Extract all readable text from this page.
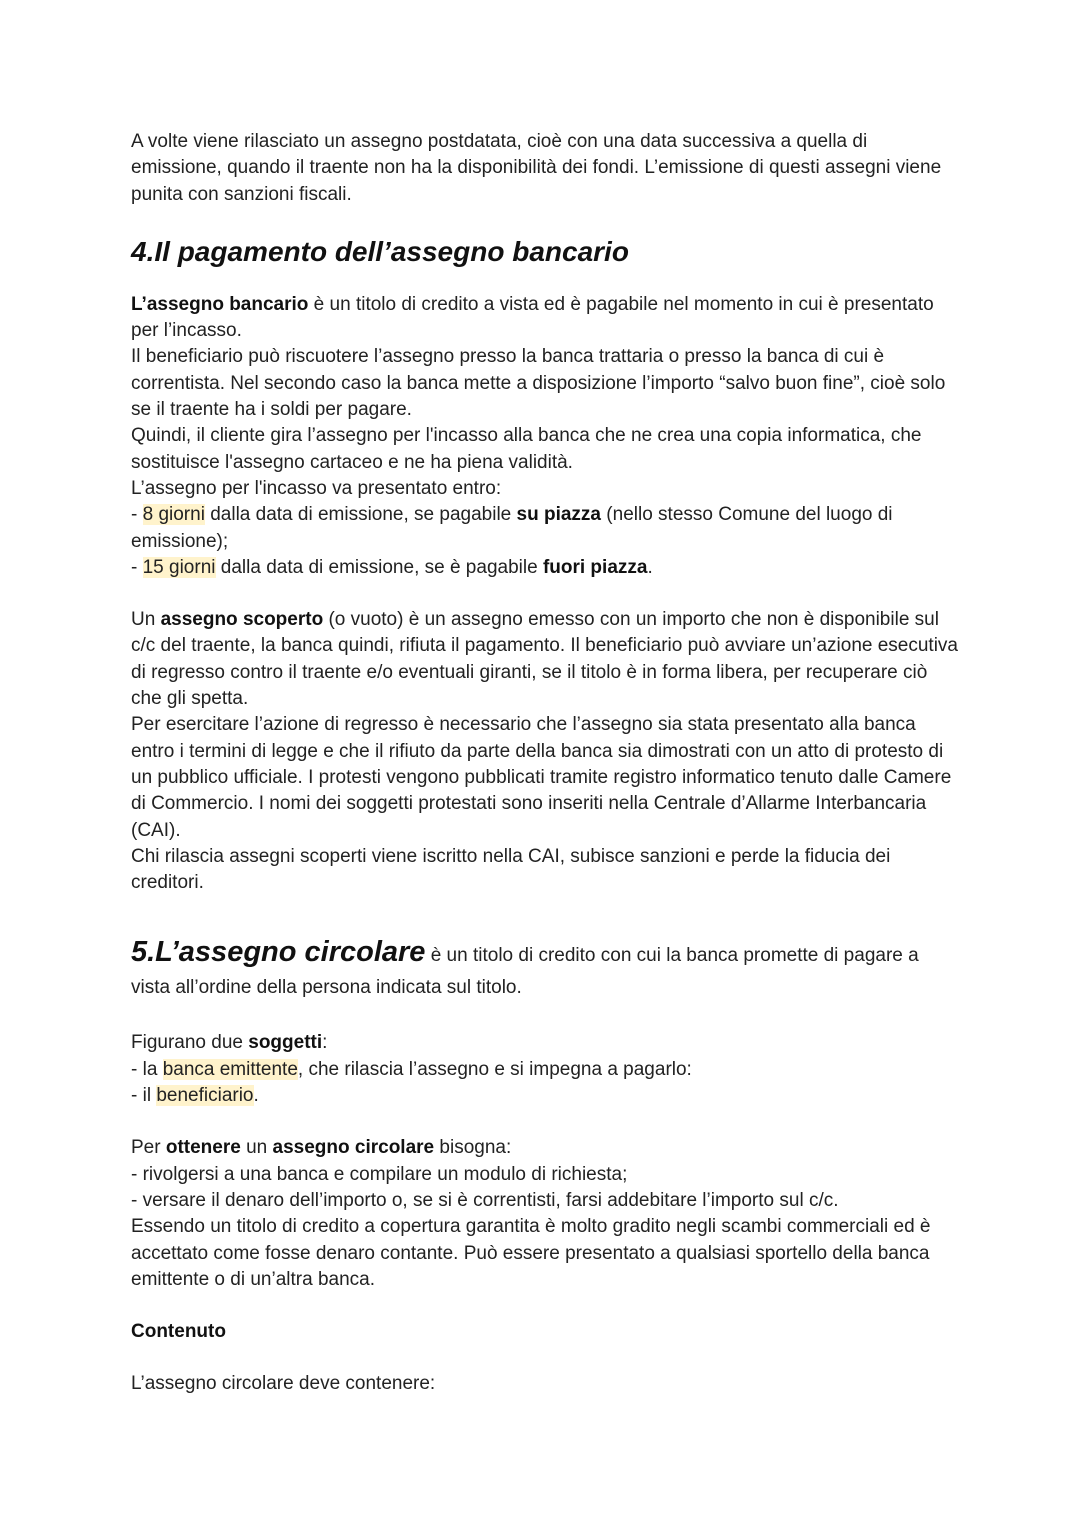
A volte viene rilasciato un assegno postdatata, cioè con una data successiva a quella di emissione, quando il traente non ha la disponibilità dei fondi. L’emissione di questi assegni viene punita con sanzioni fiscali.

4.Il pagamento dell’assegno bancario

L’assegno bancario è un titolo di credito a vista ed è pagabile nel momento in cui è presentato per l’incasso.

Il beneficiario può riscuotere l’assegno presso la banca trattaria o presso la banca di cui è correntista. Nel secondo caso la banca mette a disposizione l’importo “salvo buon fine”, cioè solo se il traente ha i soldi per pagare.

Quindi, il cliente gira l’assegno per l'incasso alla banca che ne crea una copia informatica, che sostituisce l'assegno cartaceo e ne ha piena validità.

L’assegno per l'incasso va presentato entro:

- 8 giorni dalla data di emissione, se pagabile su piazza (nello stesso Comune del luogo di emissione);

- 15 giorni dalla data di emissione, se è pagabile fuori piazza.

Un assegno scoperto (o vuoto) è un assegno emesso con un importo che non è disponibile sul c/c del traente, la banca quindi, rifiuta il pagamento. Il beneficiario può avviare un’azione esecutiva di regresso contro il traente e/o eventuali giranti, se il titolo è in forma libera, per recuperare ciò che gli spetta.

Per esercitare l’azione di regresso è necessario che l’assegno sia stata presentato alla banca entro i termini di legge e che il rifiuto da parte della banca sia dimostrati con un atto di protesto di un pubblico ufficiale. I protesti vengono pubblicati tramite registro informatico tenuto dalle Camere di Commercio. I nomi dei soggetti protestati sono inseriti nella Centrale d’Allarme Interbancaria (CAI).

Chi rilascia assegni scoperti viene iscritto nella CAI, subisce sanzioni e perde la fiducia dei creditori.

5.L’assegno circolare è un titolo di credito con cui la banca promette di pagare a vista all’ordine della persona indicata sul titolo.

Figurano due soggetti:

- la banca emittente, che rilascia l’assegno e si impegna a pagarlo:

- il beneficiario.

Per ottenere un assegno circolare bisogna:

- rivolgersi a una banca e compilare un modulo di richiesta;

- versare il denaro dell’importo o, se si è correntisti, farsi addebitare l’importo sul c/c.

Essendo un titolo di credito a copertura garantita è molto gradito negli scambi commerciali ed è accettato come fosse denaro contante. Può essere presentato a qualsiasi sportello della banca emittente o di un’altra banca.

Contenuto

L’assegno circolare deve contenere:
